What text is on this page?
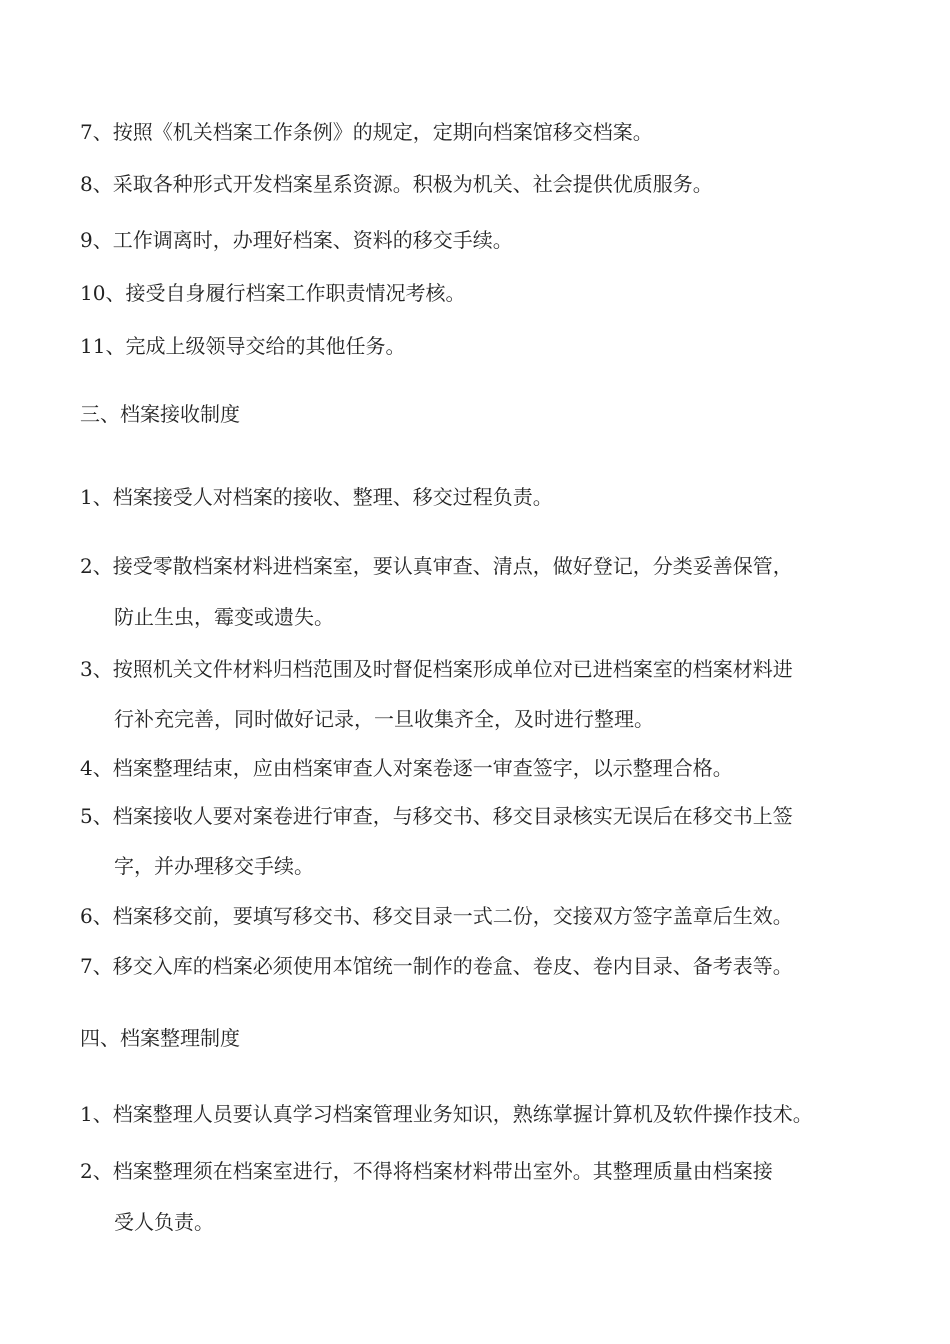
7、按照《机关档案工作条例》的规定，定期向档案馆移交档案。
8、采取各种形式开发档案星系资源。积极为机关、社会提供优质服务。
9、工作调离时，办理好档案、资料的移交手续。
10、接受自身履行档案工作职责情况考核。
11、完成上级领导交给的其他任务。
三、档案接收制度
1、档案接受人对档案的接收、整理、移交过程负责。
2、接受零散档案材料进档案室，要认真审查、清点，做好登记，分类妥善保管，
防止生虫，霉变或遗失。
3、按照机关文件材料归档范围及时督促档案形成单位对已进档案室的档案材料进
行补充完善，同时做好记录，一旦收集齐全，及时进行整理。
4、档案整理结束，应由档案审查人对案卷逐一审查签字，以示整理合格。
5、档案接收人要对案卷进行审查，与移交书、移交目录核实无误后在移交书上签
字，并办理移交手续。
6、档案移交前，要填写移交书、移交目录一式二份，交接双方签字盖章后生效。
7、移交入库的档案必须使用本馆统一制作的卷盒、卷皮、卷内目录、备考表等。
四、档案整理制度
1、档案整理人员要认真学习档案管理业务知识，熟练掌握计算机及软件操作技术。
2、档案整理须在档案室进行，不得将档案材料带出室外。其整理质量由档案接
受人负责。
